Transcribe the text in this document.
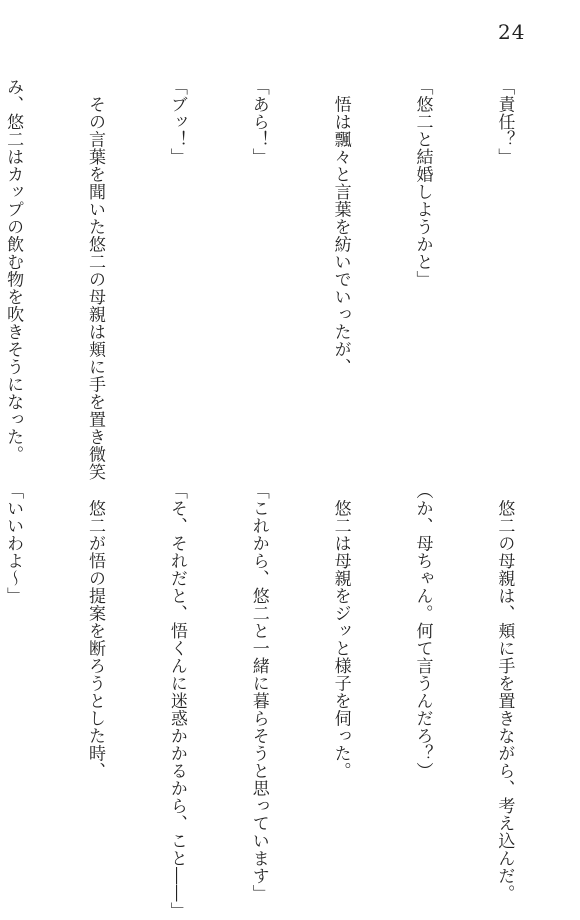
24

「責任？」

「悠二と結婚しようかと」

　悟は飄々と言葉を紡いでいったが、

「あら！」

「ブッ！」

　その言葉を聞いた悠二の母親は頬に手を置き微笑

み、悠二はカップの飲む物を吹きそうになった。

　悠二の母親は、頬に手を置きながら、考え込んだ。

（か、母ちゃん。何て言うんだろ？）

　悠二は母親をジッと様子を伺った。

「これから、悠二と一緒に暮らそうと思っています」

「そ、それだと、悟くんに迷惑かかるから、こと――」

　悠二が悟の提案を断ろうとした時、

「いいわよ～」
